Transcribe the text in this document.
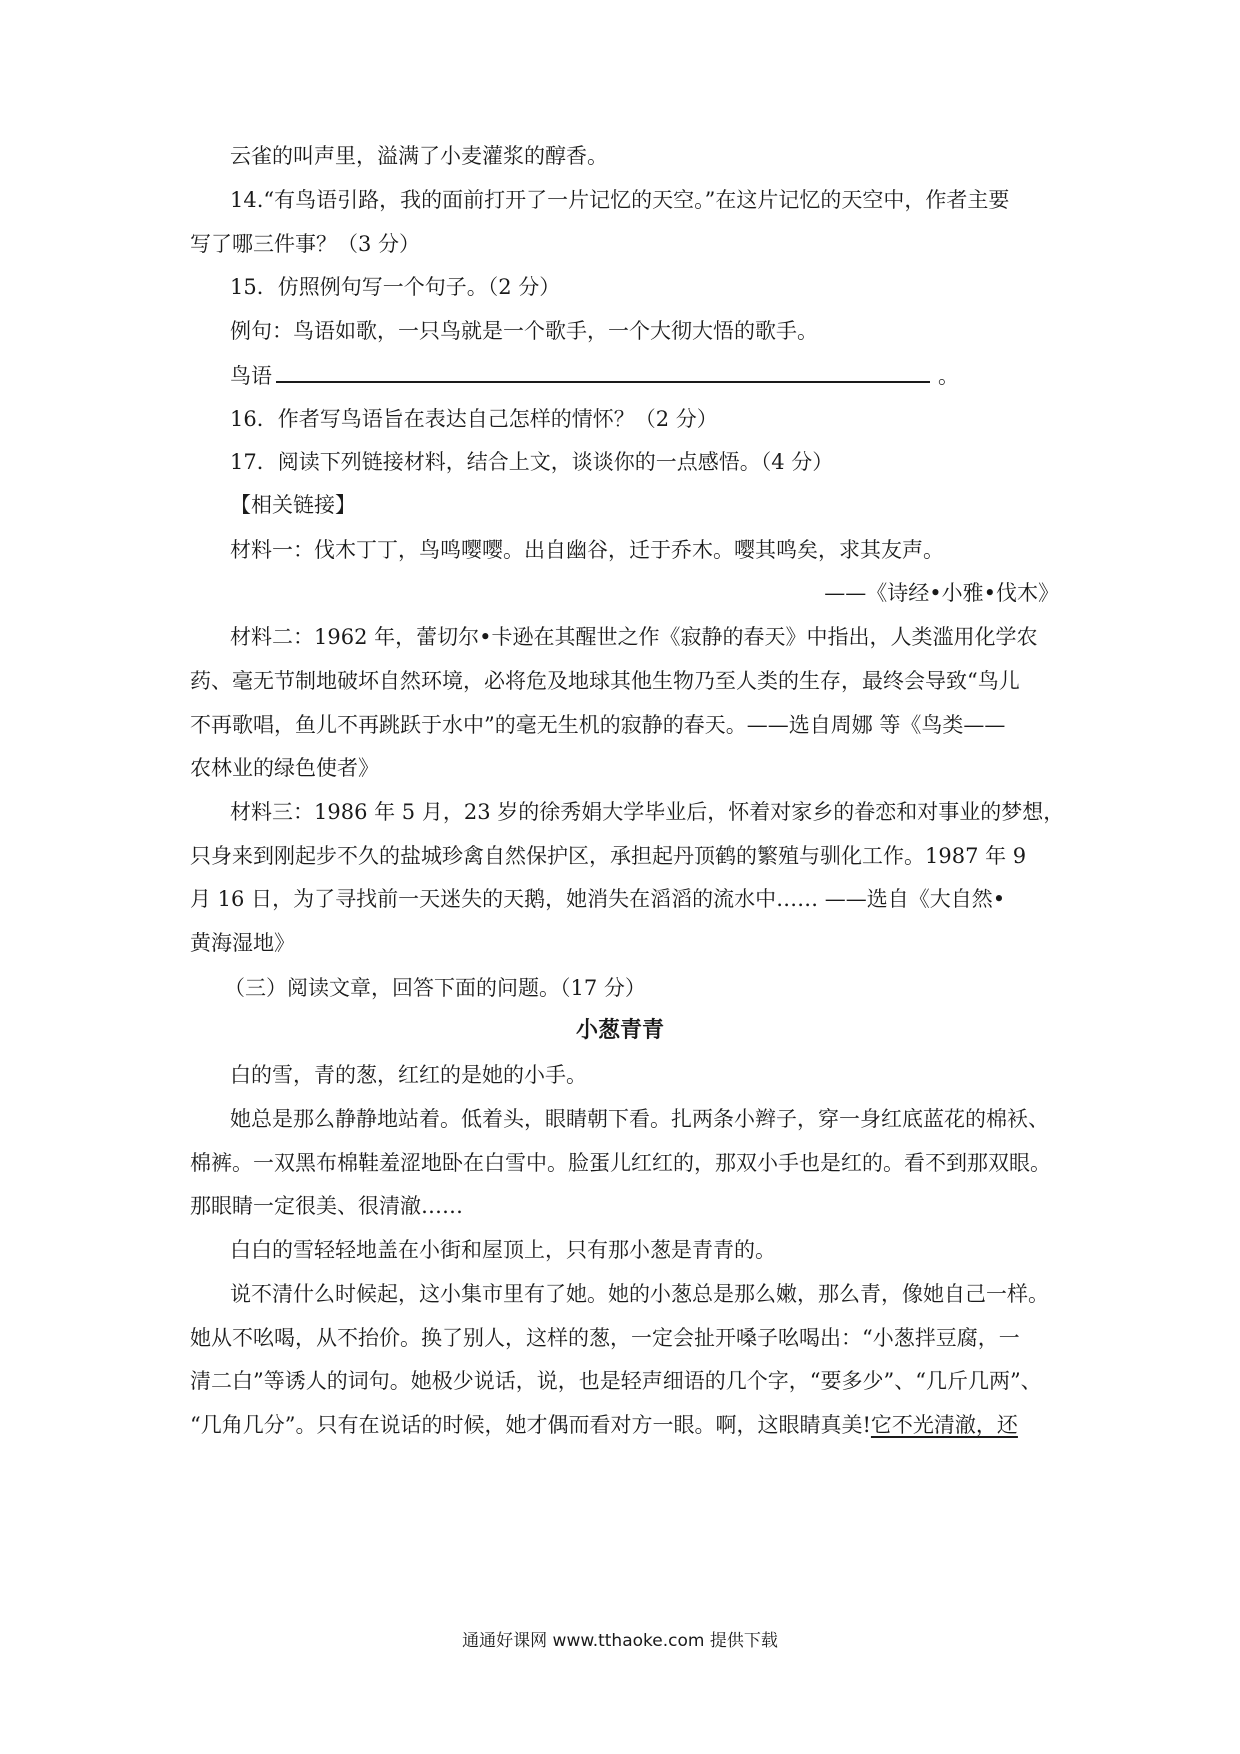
云雀的叫声里，溢满了小麦灌浆的醇香。
14.“有鸟语引路，我的面前打开了一片记忆的天空。”在这片记忆的天空中，作者主要
写了哪三件事？（3 分）
15．仿照例句写一个句子。（2 分）
例句：鸟语如歌，一只鸟就是一个歌手，一个大彻大悟的歌手。
鸟语	。
16．作者写鸟语旨在表达自己怎样的情怀？（2 分）
17．阅读下列链接材料，结合上文，谈谈你的一点感悟。（4 分）
【相关链接】
材料一：伐木丁丁，鸟鸣嘤嘤。出自幽谷，迁于乔木。嘤其鸣矣，求其友声。
——《诗经•小雅•伐木》
材料二：1962 年，蕾切尔•卡逊在其醒世之作《寂静的春天》中指出，人类滥用化学农
药、毫无节制地破坏自然环境，必将危及地球其他生物乃至人类的生存，最终会导致“鸟儿
不再歌唱，鱼儿不再跳跃于水中”的毫无生机的寂静的春天。——选自周娜 等《鸟类——
农林业的绿色使者》
材料三：1986 年 5 月，23 岁的徐秀娟大学毕业后，怀着对家乡的眷恋和对事业的梦想，
只身来到刚起步不久的盐城珍禽自然保护区，承担起丹顶鹤的繁殖与驯化工作。1987 年 9
月 16 日，为了寻找前一天迷失的天鹅，她消失在滔滔的流水中…… ——选自《大自然•
黄海湿地》
（三）阅读文章，回答下面的问题。（17 分）
小葱青青
白的雪，青的葱，红红的是她的小手。
她总是那么静静地站着。低着头，眼睛朝下看。扎两条小辫子，穿一身红底蓝花的棉袄、
棉裤。一双黑布棉鞋羞涩地卧在白雪中。脸蛋儿红红的，那双小手也是红的。看不到那双眼。
那眼睛一定很美、很清澈……
白白的雪轻轻地盖在小街和屋顶上，只有那小葱是青青的。
说不清什么时候起，这小集市里有了她。她的小葱总是那么嫩，那么青，像她自己一样。
她从不吆喝，从不抬价。换了别人，这样的葱，一定会扯开嗓子吆喝出：“小葱拌豆腐，一
清二白”等诱人的词句。她极少说话，说，也是轻声细语的几个字，“要多少”、“几斤几两”、
“几角几分”。只有在说话的时候，她才偶而看对方一眼。啊，这眼睛真美!它不光清澈，还
通通好课网 www.tthaoke.com 提供下载
